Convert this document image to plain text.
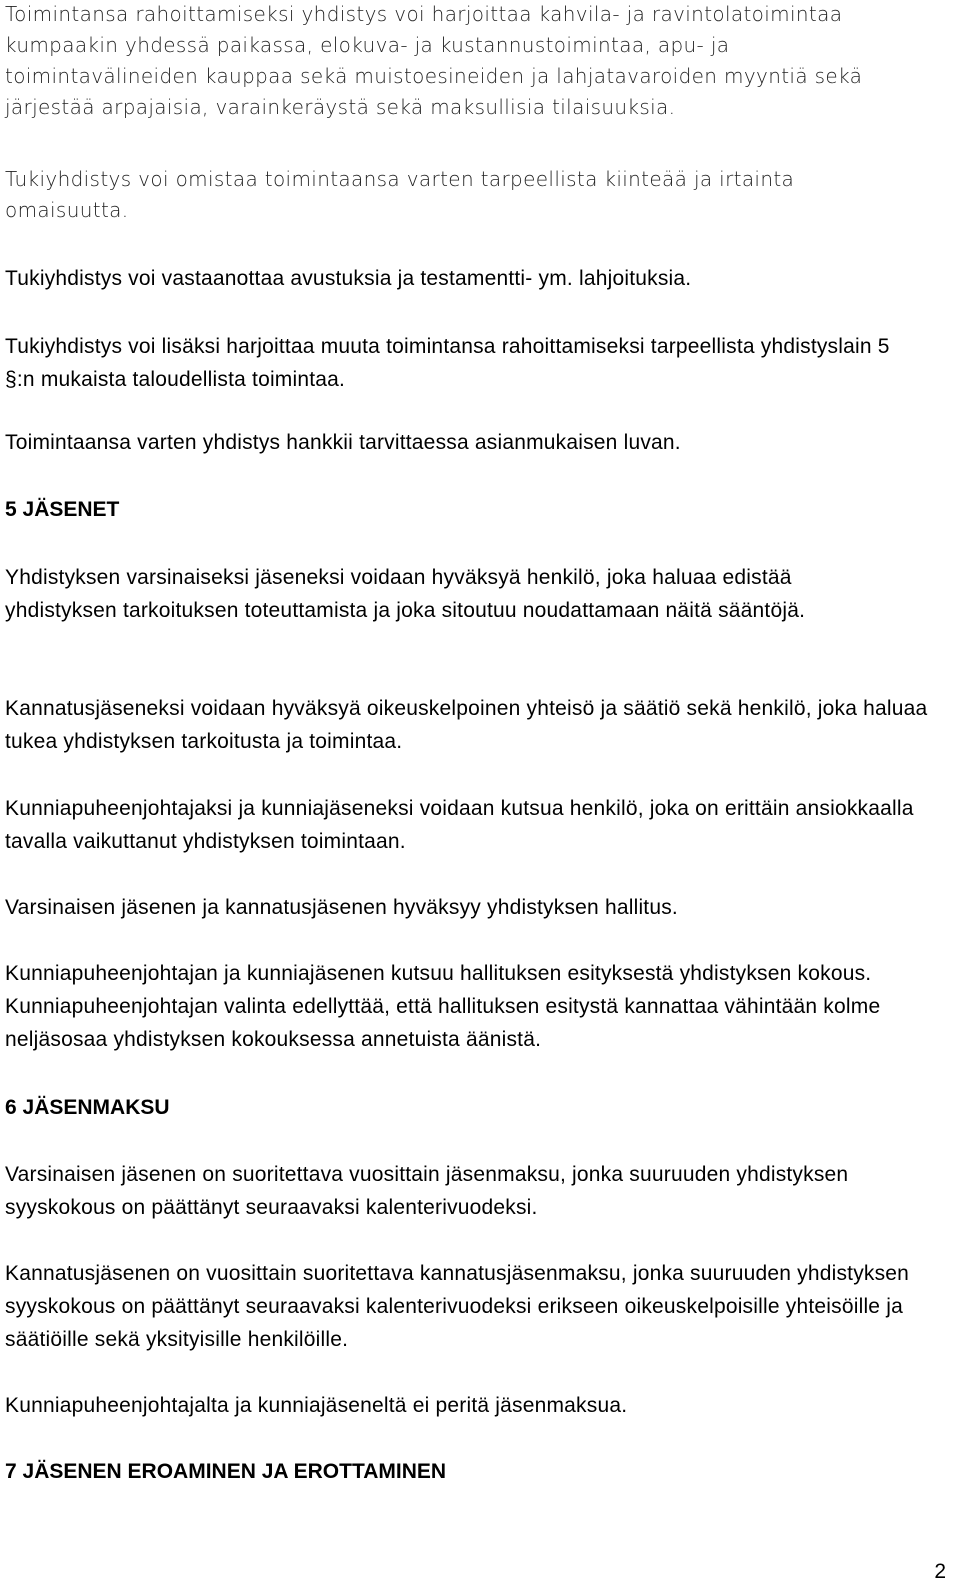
Toimintansa rahoittamiseksi yhdistys voi harjoittaa kahvila- ja ravintolatoimintaa kumpaakin yhdessä paikassa, elokuva- ja kustannustoimintaa, apu- ja toimintavälineiden kauppaa sekä muistoesineiden ja lahjatavaroiden myyntiä sekä järjestää arpajaisia, varainkeräystä sekä maksullisia tilaisuuksia.

Tukiyhdistys voi omistaa toimintaansa varten tarpeellista kiinteää ja irtainta omaisuutta.

Tukiyhdistys voi vastaanottaa avustuksia ja testamentti- ym. lahjoituksia.

Tukiyhdistys voi lisäksi harjoittaa muuta toimintansa rahoittamiseksi tarpeellista yhdistyslain 5 §:n mukaista taloudellista toimintaa.

Toimintaansa varten yhdistys hankkii tarvittaessa asianmukaisen luvan.

5 JÄSENET

Yhdistyksen varsinaiseksi jäseneksi voidaan hyväksyä henkilö, joka haluaa edistää yhdistyksen tarkoituksen toteuttamista ja joka sitoutuu noudattamaan näitä sääntöjä.

Kannatusjäseneksi voidaan hyväksyä oikeuskelpoinen yhteisö ja säätiö sekä henkilö, joka haluaa tukea yhdistyksen tarkoitusta ja toimintaa.

Kunniapuheenjohtajaksi ja kunniajäseneksi voidaan kutsua henkilö, joka on erittäin ansiokkaalla tavalla vaikuttanut yhdistyksen toimintaan.

Varsinaisen jäsenen ja kannatusjäsenen hyväksyy yhdistyksen hallitus.

Kunniapuheenjohtajan ja kunniajäsenen kutsuu hallituksen esityksestä yhdistyksen kokous. Kunniapuheenjohtajan valinta edellyttää, että hallituksen esitystä kannattaa vähintään kolme neljäsosaa yhdistyksen kokouksessa annetuista äänistä.

6 JÄSENMAKSU

Varsinaisen jäsenen on suoritettava vuosittain jäsenmaksu, jonka suuruuden yhdistyksen syyskokous on päättänyt seuraavaksi kalenterivuodeksi.

Kannatusjäsenen on vuosittain suoritettava kannatusjäsenmaksu, jonka suuruuden yhdistyksen syyskokous on päättänyt seuraavaksi kalenterivuodeksi erikseen oikeuskelpoisille yhteisöille ja säätiöille sekä yksityisille henkilöille.

Kunniapuheenjohtajalta ja kunniajäseneltä ei peritä jäsenmaksua.

7 JÄSENEN EROAMINEN JA EROTTAMINEN
2
